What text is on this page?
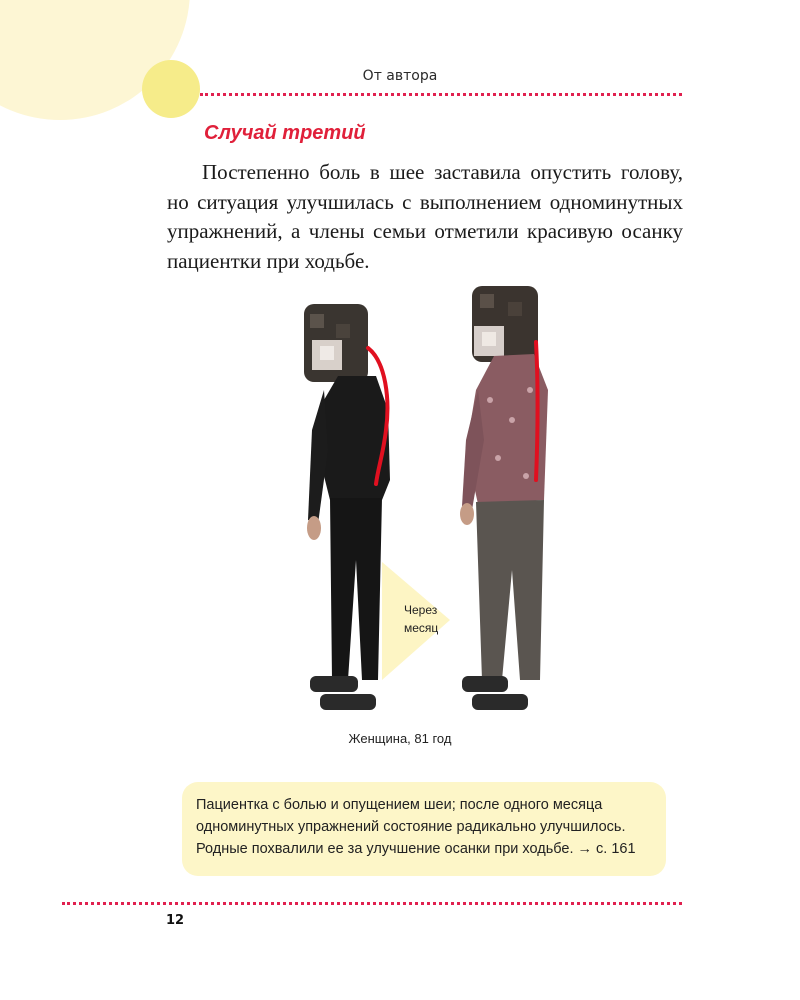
От автора
Случай третий

Постепенно боль в шее заставила опустить голову, но ситуация улучшилась с выполнением одноминутных упражнений, а члены семьи отметили красивую осанку пациентки при ходьбе.

Через
месяц
Женщина, 81 год
Пациентка с болью и опущением шеи; после одного месяца одноминутных упражнений состояние радикально улучшилось. Родные похвалили ее за улучшение осанки при ходьбе. → с. 161
12
